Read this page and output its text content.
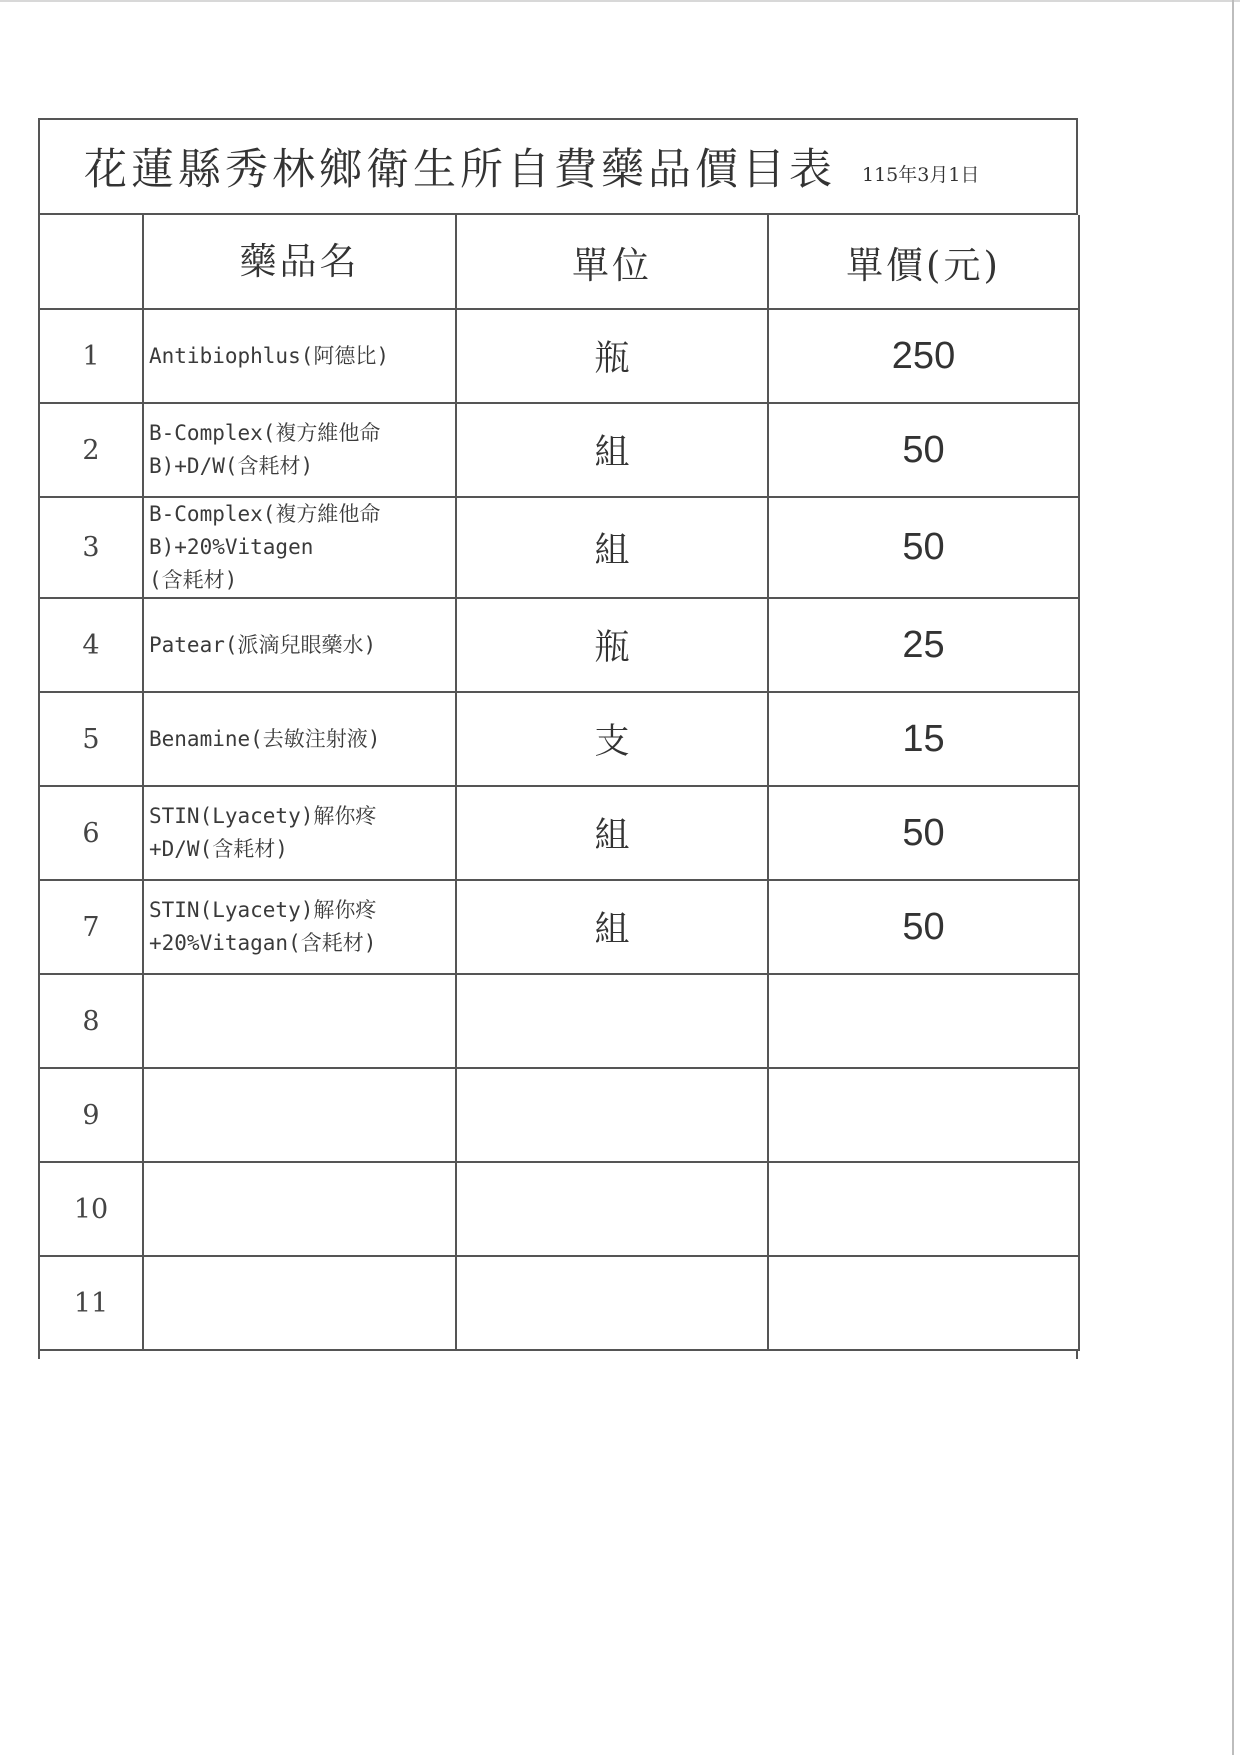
花蓮縣秀林鄉衛生所自費藥品價目表 115年3月1日
	藥品名	單位	單價(元)
1	Antibiophlus(阿德比)	瓶	250
2	B-Complex(複方維他命
B)+D/W(含耗材)	組	50
3	B-Complex(複方維他命
B)+20%Vitagen
(含耗材)	組	50
4	Patear(派滴兒眼藥水)	瓶	25
5	Benamine(去敏注射液)	支	15
6	STIN(Lyacety)解你疼
+D/W(含耗材)	組	50
7	STIN(Lyacety)解你疼
+20%Vitagan(含耗材)	組	50
8			
9			
10			
11			
